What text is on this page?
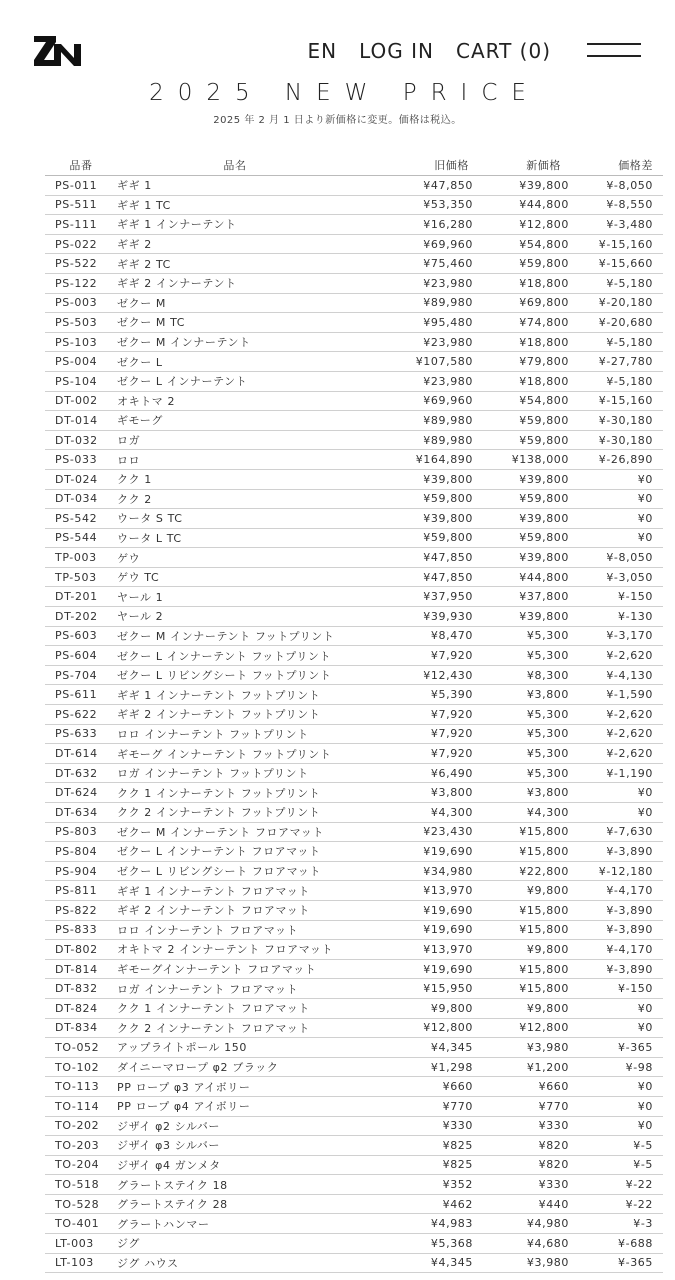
EN LOG IN CART (0)
2025 NEW PRICE
2025 年 2 月 1 日より新価格に変更。価格は税込。
品番	品名	旧価格	新価格	価格差
PS-011	ギギ 1	¥47,850	¥39,800	¥-8,050
PS-511	ギギ 1 TC	¥53,350	¥44,800	¥-8,550
PS-111	ギギ 1 インナーテント	¥16,280	¥12,800	¥-3,480
PS-022	ギギ 2	¥69,960	¥54,800	¥-15,160
PS-522	ギギ 2 TC	¥75,460	¥59,800	¥-15,660
PS-122	ギギ 2 インナーテント	¥23,980	¥18,800	¥-5,180
PS-003	ゼクー M	¥89,980	¥69,800	¥-20,180
PS-503	ゼクー M TC	¥95,480	¥74,800	¥-20,680
PS-103	ゼクー M インナーテント	¥23,980	¥18,800	¥-5,180
PS-004	ゼクー L	¥107,580	¥79,800	¥-27,780
PS-104	ゼクー L インナーテント	¥23,980	¥18,800	¥-5,180
DT-002	オキトマ 2	¥69,960	¥54,800	¥-15,160
DT-014	ギモーグ	¥89,980	¥59,800	¥-30,180
DT-032	ロガ	¥89,980	¥59,800	¥-30,180
PS-033	ロロ	¥164,890	¥138,000	¥-26,890
DT-024	クク 1	¥39,800	¥39,800	¥0
DT-034	クク 2	¥59,800	¥59,800	¥0
PS-542	ウータ S TC	¥39,800	¥39,800	¥0
PS-544	ウータ L TC	¥59,800	¥59,800	¥0
TP-003	ゲウ	¥47,850	¥39,800	¥-8,050
TP-503	ゲウ TC	¥47,850	¥44,800	¥-3,050
DT-201	ヤール 1	¥37,950	¥37,800	¥-150
DT-202	ヤール 2	¥39,930	¥39,800	¥-130
PS-603	ゼクー M インナーテント フットプリント	¥8,470	¥5,300	¥-3,170
PS-604	ゼクー L インナーテント フットプリント	¥7,920	¥5,300	¥-2,620
PS-704	ゼクー L リビングシート フットプリント	¥12,430	¥8,300	¥-4,130
PS-611	ギギ 1 インナーテント フットプリント	¥5,390	¥3,800	¥-1,590
PS-622	ギギ 2 インナーテント フットプリント	¥7,920	¥5,300	¥-2,620
PS-633	ロロ インナーテント フットプリント	¥7,920	¥5,300	¥-2,620
DT-614	ギモーグ インナーテント フットプリント	¥7,920	¥5,300	¥-2,620
DT-632	ロガ インナーテント フットプリント	¥6,490	¥5,300	¥-1,190
DT-624	クク 1 インナーテント フットプリント	¥3,800	¥3,800	¥0
DT-634	クク 2 インナーテント フットプリント	¥4,300	¥4,300	¥0
PS-803	ゼクー M インナーテント フロアマット	¥23,430	¥15,800	¥-7,630
PS-804	ゼクー L インナーテント フロアマット	¥19,690	¥15,800	¥-3,890
PS-904	ゼクー L リビングシート フロアマット	¥34,980	¥22,800	¥-12,180
PS-811	ギギ 1 インナーテント フロアマット	¥13,970	¥9,800	¥-4,170
PS-822	ギギ 2 インナーテント フロアマット	¥19,690	¥15,800	¥-3,890
PS-833	ロロ インナーテント フロアマット	¥19,690	¥15,800	¥-3,890
DT-802	オキトマ 2 インナーテント フロアマット	¥13,970	¥9,800	¥-4,170
DT-814	ギモーグインナーテント フロアマット	¥19,690	¥15,800	¥-3,890
DT-832	ロガ インナーテント フロアマット	¥15,950	¥15,800	¥-150
DT-824	クク 1 インナーテント フロアマット	¥9,800	¥9,800	¥0
DT-834	クク 2 インナーテント フロアマット	¥12,800	¥12,800	¥0
TO-052	アップライトポール 150	¥4,345	¥3,980	¥-365
TO-102	ダイニーマロープ φ2 ブラック	¥1,298	¥1,200	¥-98
TO-113	PP ロープ φ3 アイボリー	¥660	¥660	¥0
TO-114	PP ロープ φ4 アイボリー	¥770	¥770	¥0
TO-202	ジザイ φ2 シルバー	¥330	¥330	¥0
TO-203	ジザイ φ3 シルバー	¥825	¥820	¥-5
TO-204	ジザイ φ4 ガンメタ	¥825	¥820	¥-5
TO-518	グラートステイク 18	¥352	¥330	¥-22
TO-528	グラートステイク 28	¥462	¥440	¥-22
TO-401	グラートハンマー	¥4,983	¥4,980	¥-3
LT-003	ジグ	¥5,368	¥4,680	¥-688
LT-103	ジグ ハウス	¥4,345	¥3,980	¥-365
